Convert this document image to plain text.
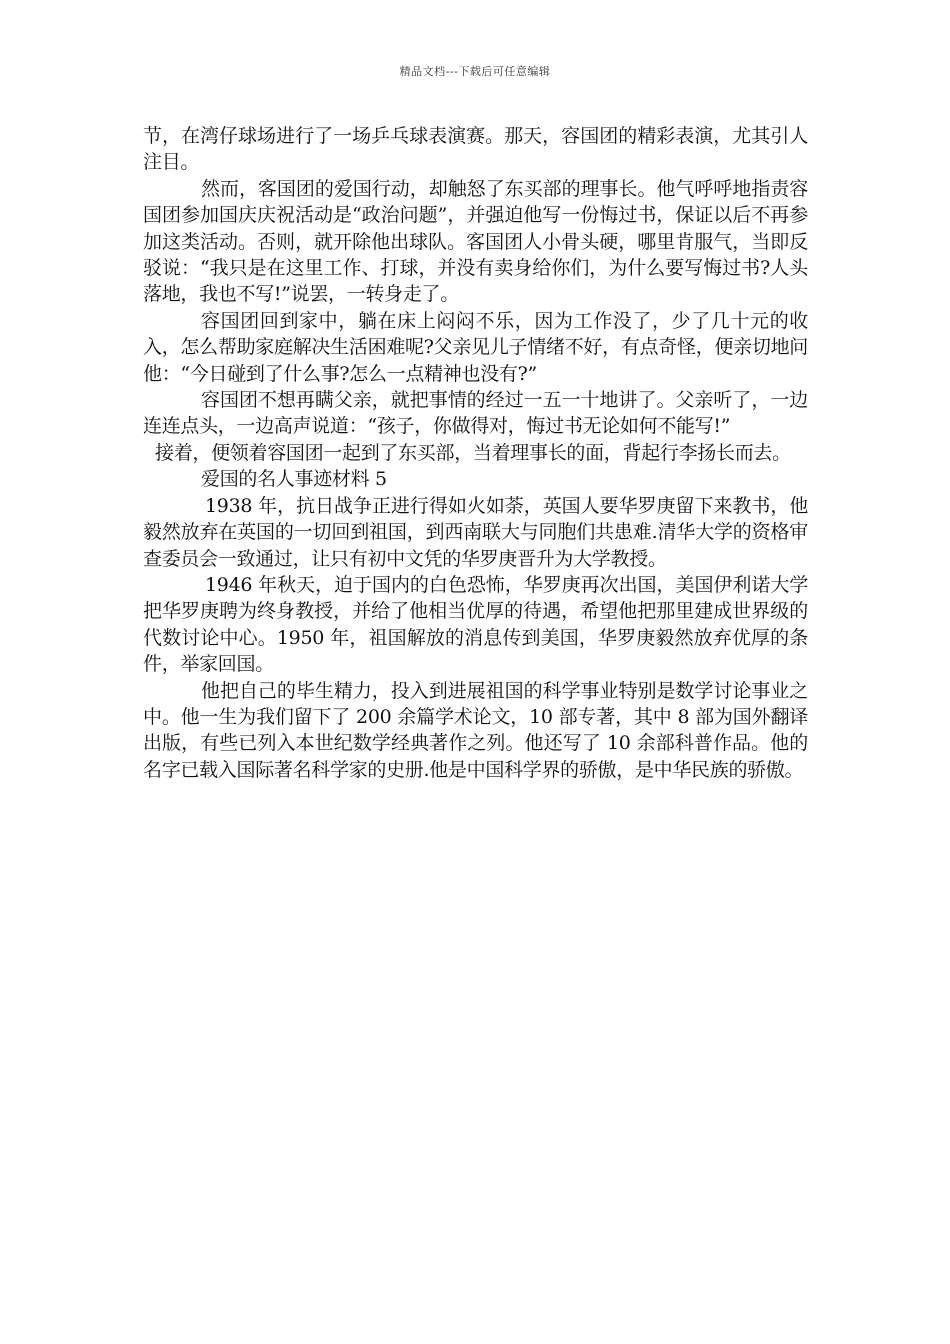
精品文档---下载后可任意编辑

节，在湾仔球场进行了一场乒乓球表演赛。那天，容国团的精彩表演，尤其引人注目。

然而，客国团的爱国行动，却触怒了东买部的理事长。他气呼呼地指责容国团参加国庆庆祝活动是“政治问题”，并强迫他写一份悔过书，保证以后不再参加这类活动。否则，就开除他出球队。客国团人小骨头硬，哪里肯服气，当即反驳说：“我只是在这里工作、打球，并没有卖身给你们，为什么要写悔过书?人头落地，我也不写!”说罢，一转身走了。

容国团回到家中，躺在床上闷闷不乐，因为工作没了，少了几十元的收入，怎么帮助家庭解决生活困难呢?父亲见儿子情绪不好，有点奇怪，便亲切地问他：“今日碰到了什么事?怎么一点精神也没有?”

容国团不想再瞒父亲，就把事情的经过一五一十地讲了。父亲听了，一边连连点头，一边高声说道：“孩子，你做得对，悔过书无论如何不能写!”

接着，便领着容国团一起到了东买部，当着理事长的面，背起行李扬长而去。

爱国的名人事迹材料 5

1938 年，抗日战争正进行得如火如荼，英国人要华罗庚留下来教书，他毅然放弃在英国的一切回到祖国，到西南联大与同胞们共患难.清华大学的资格审查委员会一致通过，让只有初中文凭的华罗庚晋升为大学教授。

1946 年秋天，迫于国内的白色恐怖，华罗庚再次出国，美国伊利诺大学把华罗庚聘为终身教授，并给了他相当优厚的待遇，希望他把那里建成世界级的代数讨论中心。1950 年，祖国解放的消息传到美国，华罗庚毅然放弃优厚的条件，举家回国。

他把自己的毕生精力，投入到进展祖国的科学事业特别是数学讨论事业之中。他一生为我们留下了 200 余篇学术论文，10 部专著，其中 8 部为国外翻译出版，有些已列入本世纪数学经典著作之列。他还写了 10 余部科普作品。他的名字已载入国际著名科学家的史册.他是中国科学界的骄傲，是中华民族的骄傲。
